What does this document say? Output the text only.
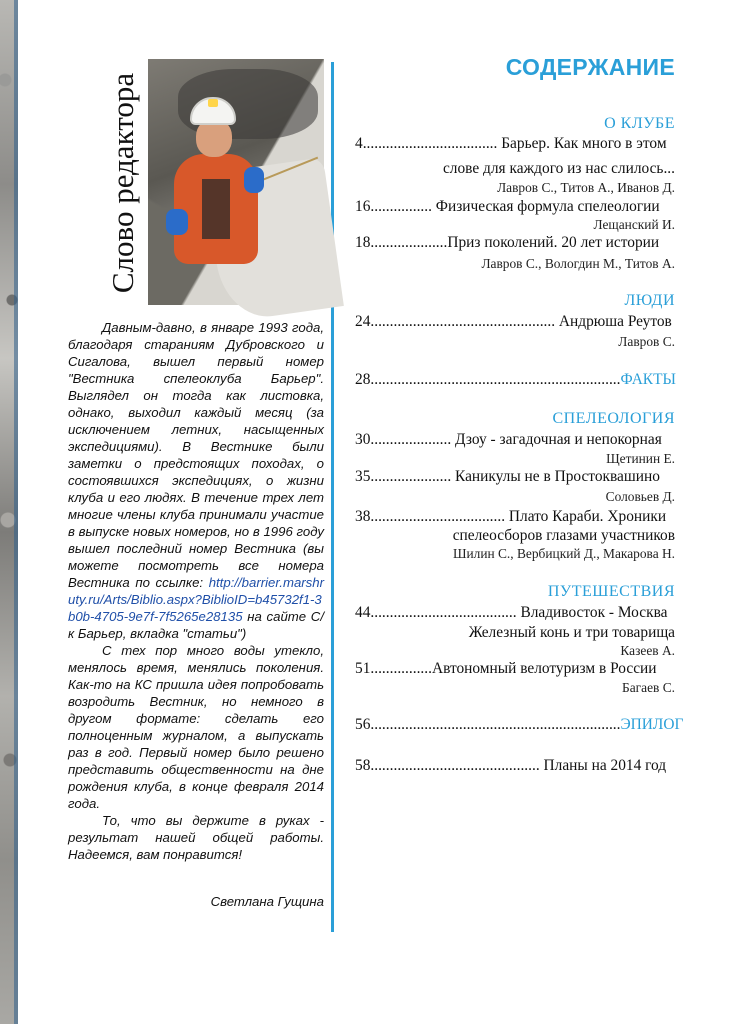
Слово редактора

Давным-давно, в январе 1993 года, благодаря стараниям Дубровского и Сигалова, вышел первый номер "Вестника спелеоклуба Барьер". Выглядел он тогда как листовка, однако, выходил каждый месяц (за исключением летних, насыщенных экспедициями). В Вестнике были заметки о предстоящих походах, о состоявшихся экспедициях, о жизни клуба и его людях. В течение трех лет многие члены клуба принимали участие в выпуске новых номеров, но в 1996 году вышел последний номер Вестника (вы можете посмотреть все номера Вестника по ссылке: http://barrier.marshruty.ru/Arts/Biblio.aspx?BiblioID=b45732f1-3b0b-4705-9e7f-7f5265e28135 на сайте С/к Барьер, вкладка "статьи")

С тех пор много воды утекло, менялось время, менялись поколения. Как-то на КС пришла идея попробовать возродить Вестник, но немного в другом формате: сделать его полноценным журналом, а выпускать раз в год. Первый номер было решено представить общественности на дне рождения клуба, в конце февраля 2014 года.

То, что вы держите в руках - результат нашей общей работы. Надеемся, вам понравится!

Светлана Гущина
СОДЕРЖАНИЕ
О КЛУБЕ
4................................... Барьер. Как много в этом
слове для каждого из нас слилось...
Лавров С., Титов А., Иванов Д.
16................ Физическая формула спелеологии
Лещанский И.
18....................Приз поколений. 20 лет истории
Лавров С., Вологдин М., Титов А.
ЛЮДИ
24................................................ Андрюша Реутов
Лавров С.
28.................................................................ФАКТЫ
СПЕЛЕОЛОГИЯ
30..................... Дзоу - загадочная и непокорная
Щетинин Е.
35..................... Каникулы не в Простоквашино
Соловьев Д.
38................................... Плато Караби. Хроники
спелеосборов глазами участников
Шилин С., Вербицкий Д., Макарова Н.
ПУТЕШЕСТВИЯ
44...................................... Владивосток - Москва
Железный конь и три товарища
Казеев А.
51................Автономный велотуризм в России
Багаев С.
56.................................................................ЭПИЛОГ
58............................................ Планы на 2014 год
